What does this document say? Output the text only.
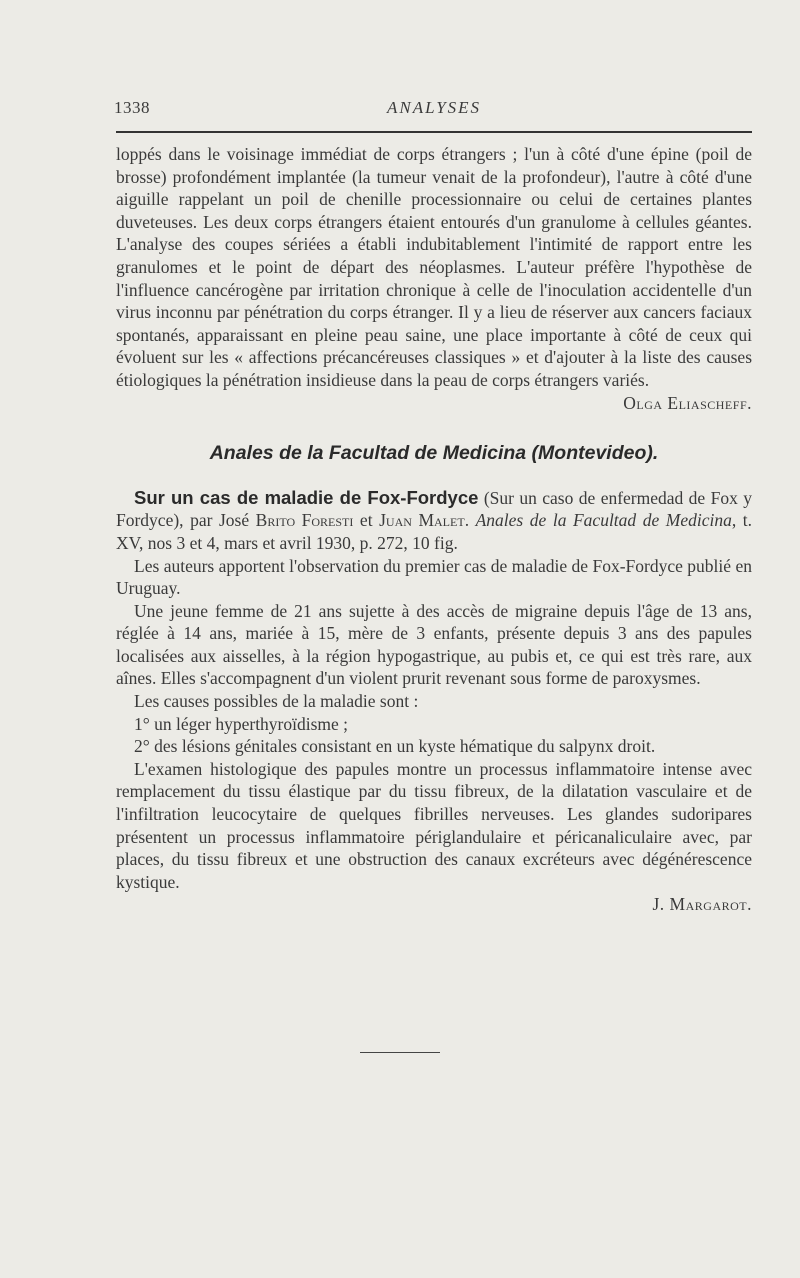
1338	ANALYSES

loppés dans le voisinage immédiat de corps étrangers ; l'un à côté d'une épine (poil de brosse) profondément implantée (la tumeur venait de la profondeur), l'autre à côté d'une aiguille rappelant un poil de chenille processionnaire ou celui de certaines plantes duveteuses. Les deux corps étrangers étaient entourés d'un granulome à cellules géantes. L'analyse des coupes sériées a établi indubitablement l'intimité de rapport entre les granulomes et le point de départ des néoplasmes. L'auteur préfère l'hypothèse de l'influence cancérogène par irritation chronique à celle de l'inoculation accidentelle d'un virus inconnu par pénétration du corps étranger. Il y a lieu de réserver aux cancers faciaux spontanés, apparaissant en pleine peau saine, une place importante à côté de ceux qui évoluent sur les « affections précancéreuses classiques » et d'ajouter à la liste des causes étiologiques la pénétration insidieuse dans la peau de corps étrangers variés.

Olga Eliascheff.

Anales de la Facultad de Medicina (Montevideo).

Sur un cas de maladie de Fox-Fordyce (Sur un caso de enfermedad de Fox y Fordyce), par José Brito Foresti et Juan Malet. Anales de la Facultad de Medicina, t. XV, nos 3 et 4, mars et avril 1930, p. 272, 10 fig.

Les auteurs apportent l'observation du premier cas de maladie de Fox-Fordyce publié en Uruguay.

Une jeune femme de 21 ans sujette à des accès de migraine depuis l'âge de 13 ans, réglée à 14 ans, mariée à 15, mère de 3 enfants, présente depuis 3 ans des papules localisées aux aisselles, à la région hypogastrique, au pubis et, ce qui est très rare, aux aînes. Elles s'accompagnent d'un violent prurit revenant sous forme de paroxysmes.

Les causes possibles de la maladie sont :

1° un léger hyperthyroïdisme ;

2° des lésions génitales consistant en un kyste hématique du salpynx droit.

L'examen histologique des papules montre un processus inflammatoire intense avec remplacement du tissu élastique par du tissu fibreux, de la dilatation vasculaire et de l'infiltration leucocytaire de quelques fibrilles nerveuses. Les glandes sudoripares présentent un processus inflammatoire périglandulaire et péricanaliculaire avec, par places, du tissu fibreux et une obstruction des canaux excréteurs avec dégénérescence kystique.

J. Margarot.
